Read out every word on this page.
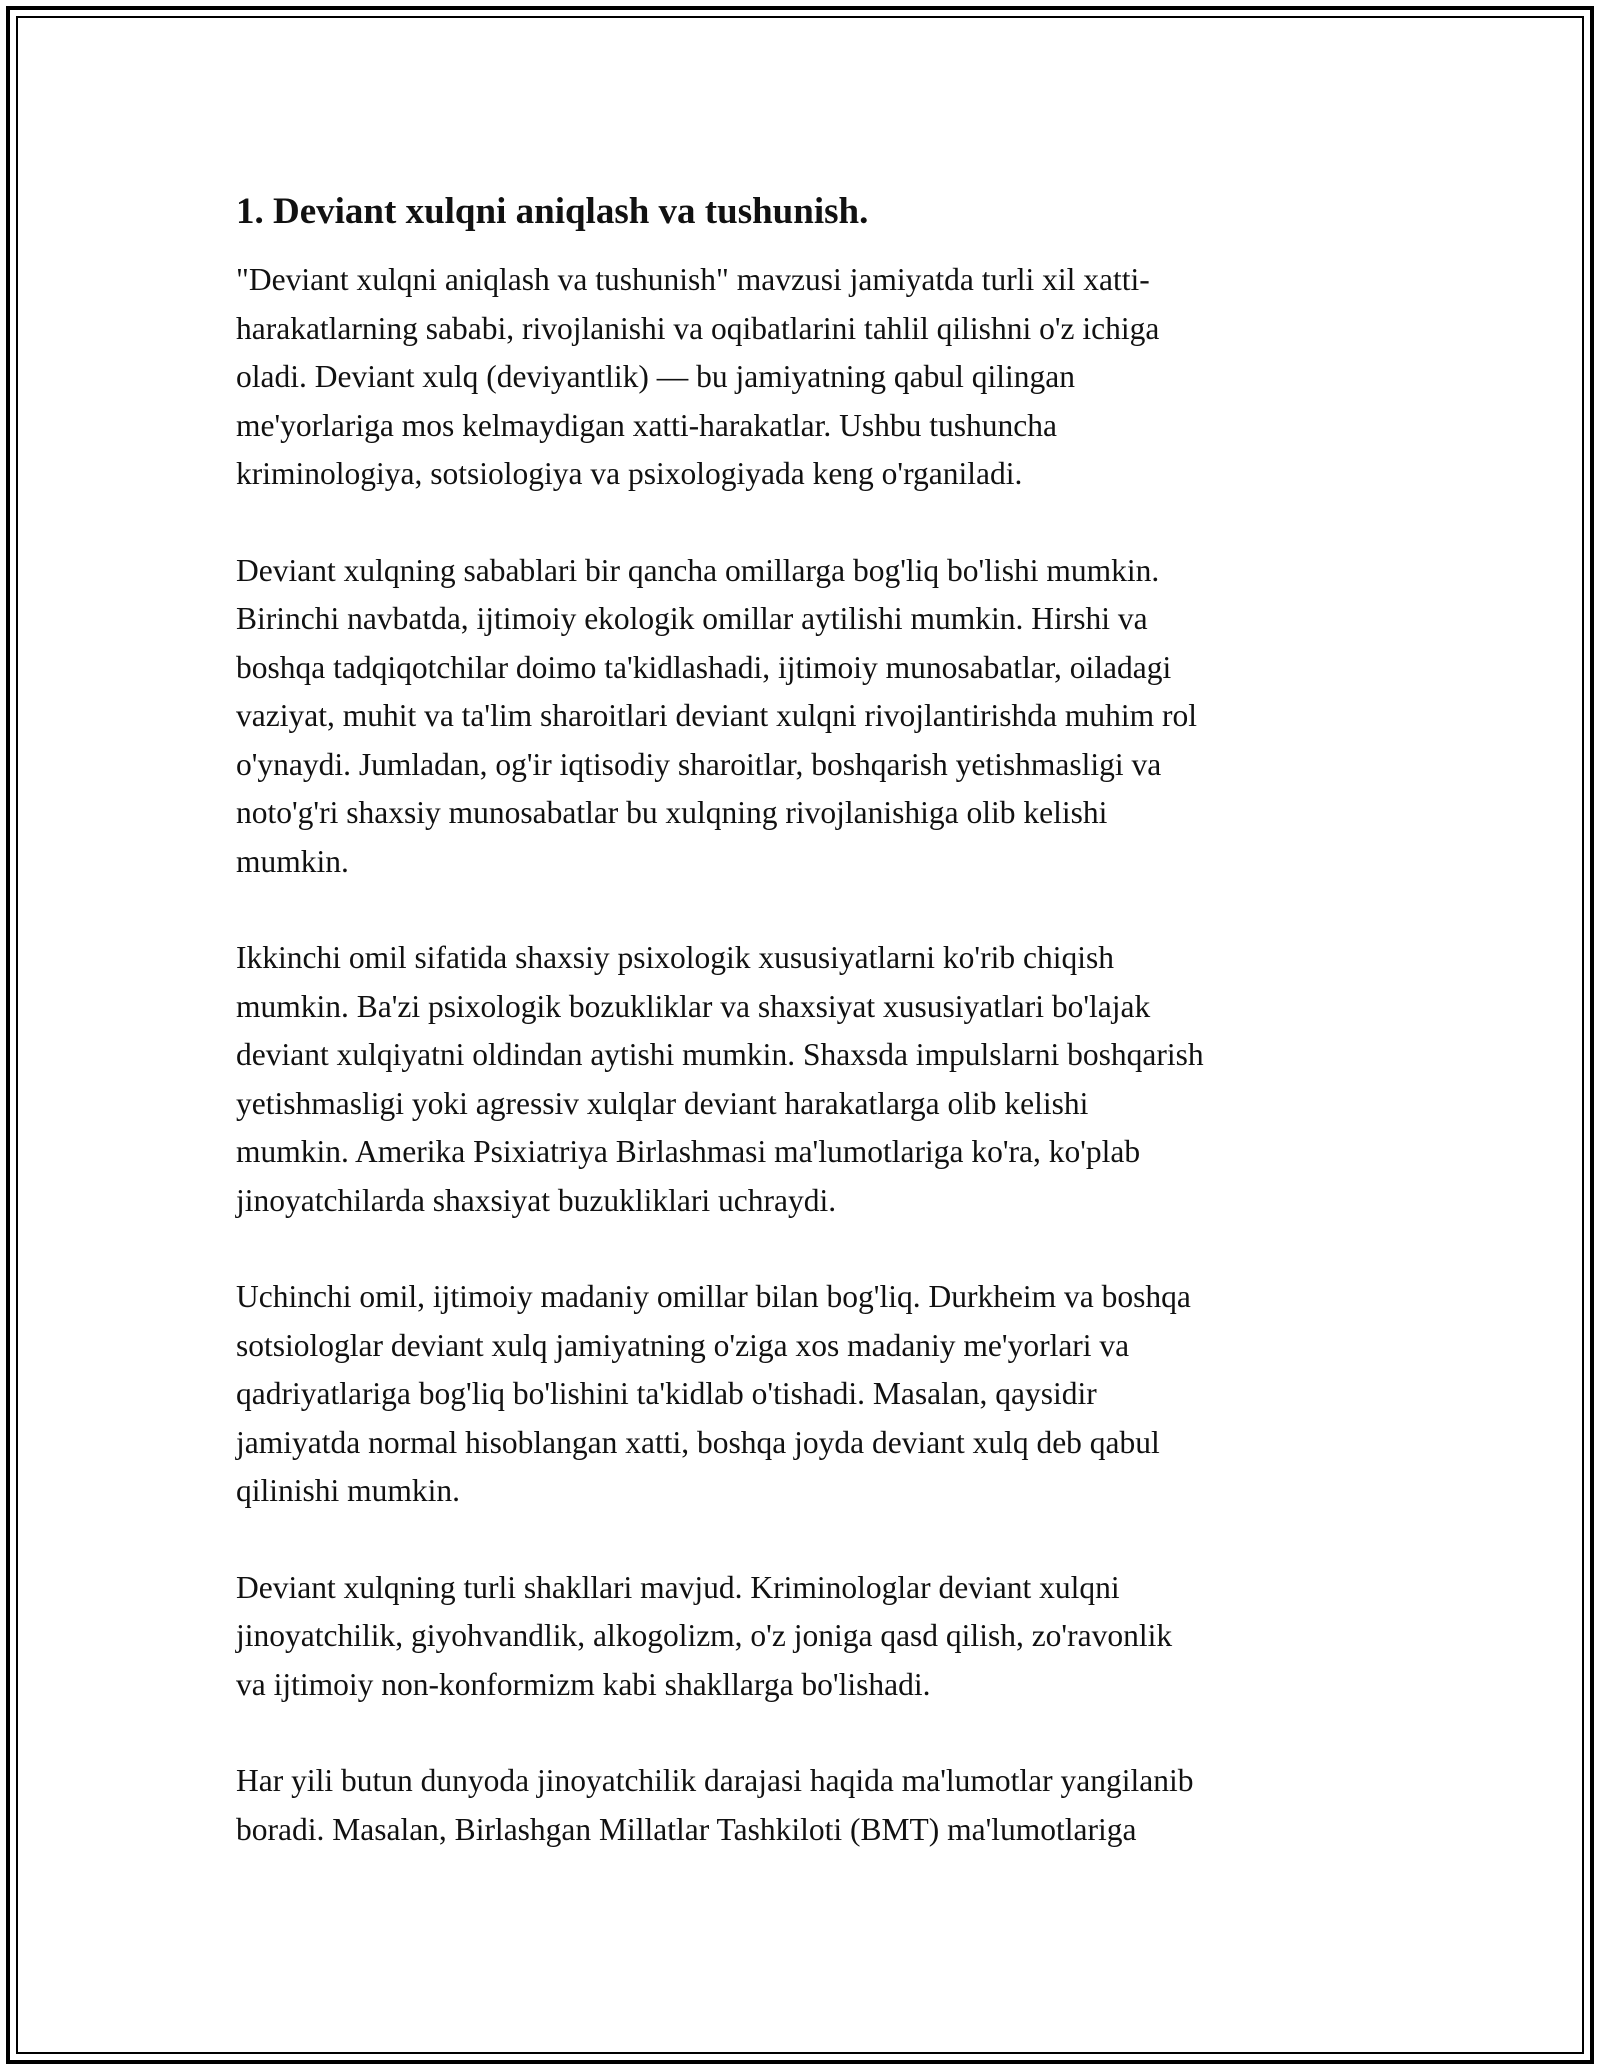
1. Deviant xulqni aniqlash va tushunish.

"Deviant xulqni aniqlash va tushunish" mavzusi jamiyatda turli xil xatti-
harakatlarning sababi, rivojlanishi va oqibatlarini tahlil qilishni o'z ichiga
oladi. Deviant xulq (deviyantlik) — bu jamiyatning qabul qilingan
me'yorlariga mos kelmaydigan xatti-harakatlar. Ushbu tushuncha
kriminologiya, sotsiologiya va psixologiyada keng o'rganiladi.

Deviant xulqning sabablari bir qancha omillarga bog'liq bo'lishi mumkin.
Birinchi navbatda, ijtimoiy ekologik omillar aytilishi mumkin. Hirshi va
boshqa tadqiqotchilar doimo ta'kidlashadi, ijtimoiy munosabatlar, oiladagi
vaziyat, muhit va ta'lim sharoitlari deviant xulqni rivojlantirishda muhim rol
o'ynaydi. Jumladan, og'ir iqtisodiy sharoitlar, boshqarish yetishmasligi va
noto'g'ri shaxsiy munosabatlar bu xulqning rivojlanishiga olib kelishi
mumkin.

Ikkinchi omil sifatida shaxsiy psixologik xususiyatlarni ko'rib chiqish
mumkin. Ba'zi psixologik bozukliklar va shaxsiyat xususiyatlari bo'lajak
deviant xulqiyatni oldindan aytishi mumkin. Shaxsda impulslarni boshqarish
yetishmasligi yoki agressiv xulqlar deviant harakatlarga olib kelishi
mumkin. Amerika Psixiatriya Birlashmasi ma'lumotlariga ko'ra, ko'plab
jinoyatchilarda shaxsiyat buzukliklari uchraydi.

Uchinchi omil, ijtimoiy madaniy omillar bilan bog'liq. Durkheim va boshqa
sotsiologlar deviant xulq jamiyatning o'ziga xos madaniy me'yorlari va
qadriyatlariga bog'liq bo'lishini ta'kidlab o'tishadi. Masalan, qaysidir
jamiyatda normal hisoblangan xatti, boshqa joyda deviant xulq deb qabul
qilinishi mumkin.

Deviant xulqning turli shakllari mavjud. Kriminologlar deviant xulqni
jinoyatchilik, giyohvandlik, alkogolizm, o'z joniga qasd qilish, zo'ravonlik
va ijtimoiy non-konformizm kabi shakllarga bo'lishadi.

Har yili butun dunyoda jinoyatchilik darajasi haqida ma'lumotlar yangilanib
boradi. Masalan, Birlashgan Millatlar Tashkiloti (BMT) ma'lumotlariga
